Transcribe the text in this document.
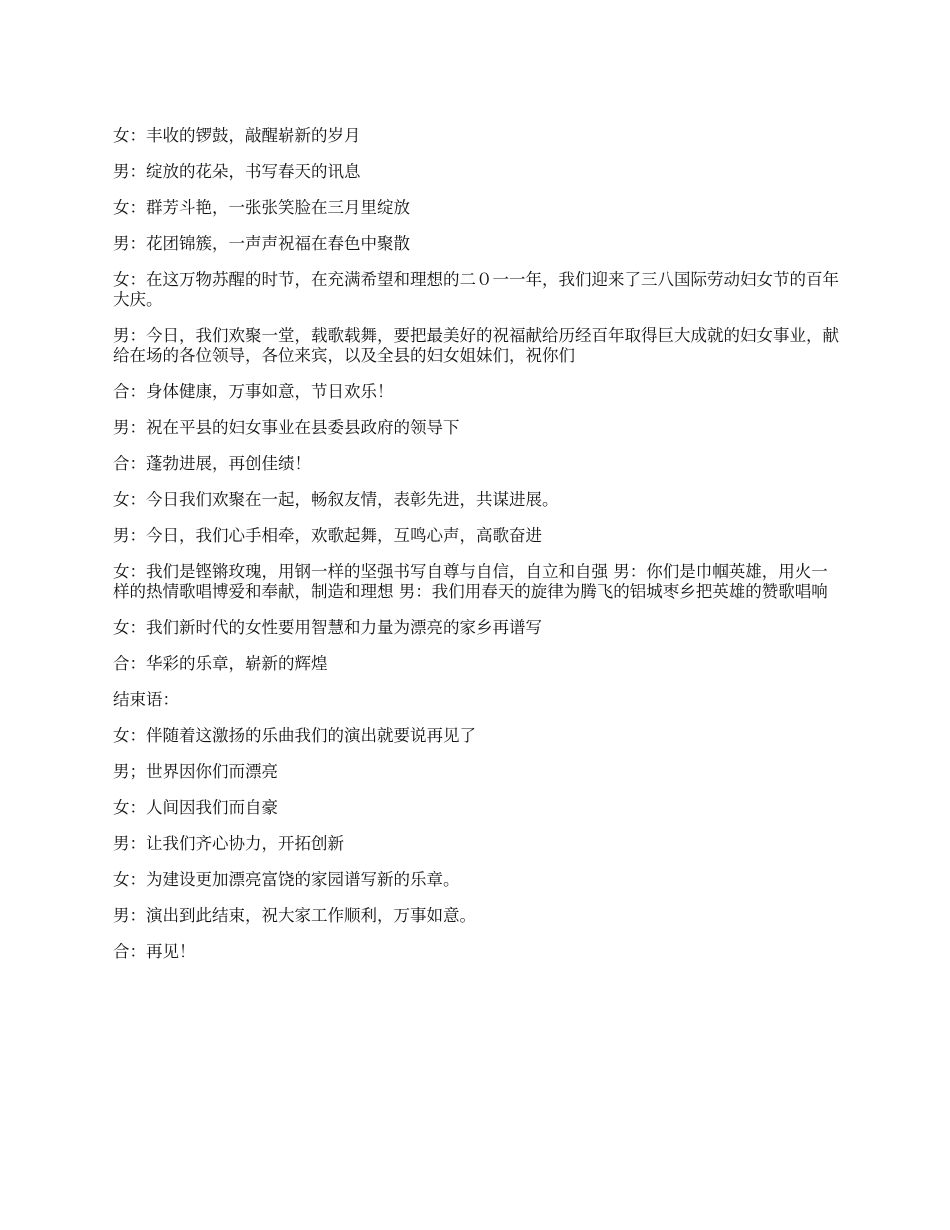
女：丰收的锣鼓，敲醒崭新的岁月

男：绽放的花朵，书写春天的讯息

女：群芳斗艳，一张张笑脸在三月里绽放

男：花团锦簇，一声声祝福在春色中聚散

女：在这万物苏醒的时节，在充满希望和理想的二０一一年，我们迎来了三八国际劳动妇女节的百年大庆。

男：今日，我们欢聚一堂，载歌载舞，要把最美好的祝福献给历经百年取得巨大成就的妇女事业，献给在场的各位领导，各位来宾，以及全县的妇女姐妹们，祝你们

合：身体健康，万事如意，节日欢乐！

男：祝在平县的妇女事业在县委县政府的领导下

合：蓬勃进展，再创佳绩！

女：今日我们欢聚在一起，畅叙友情，表彰先进，共谋进展。

男：今日，我们心手相牵，欢歌起舞，互鸣心声，高歌奋进

女：我们是铿锵玫瑰，用钢一样的坚强书写自尊与自信，自立和自强 男：你们是巾帼英雄，用火一样的热情歌唱博爱和奉献，制造和理想 男：我们用春天的旋律为腾飞的铝城枣乡把英雄的赞歌唱响

女：我们新时代的女性要用智慧和力量为漂亮的家乡再谱写

合：华彩的乐章，崭新的辉煌

结束语：

女：伴随着这激扬的乐曲我们的演出就要说再见了

男；世界因你们而漂亮

女：人间因我们而自豪

男：让我们齐心协力，开拓创新

女：为建设更加漂亮富饶的家园谱写新的乐章。

男：演出到此结束，祝大家工作顺利，万事如意。

合：再见！
